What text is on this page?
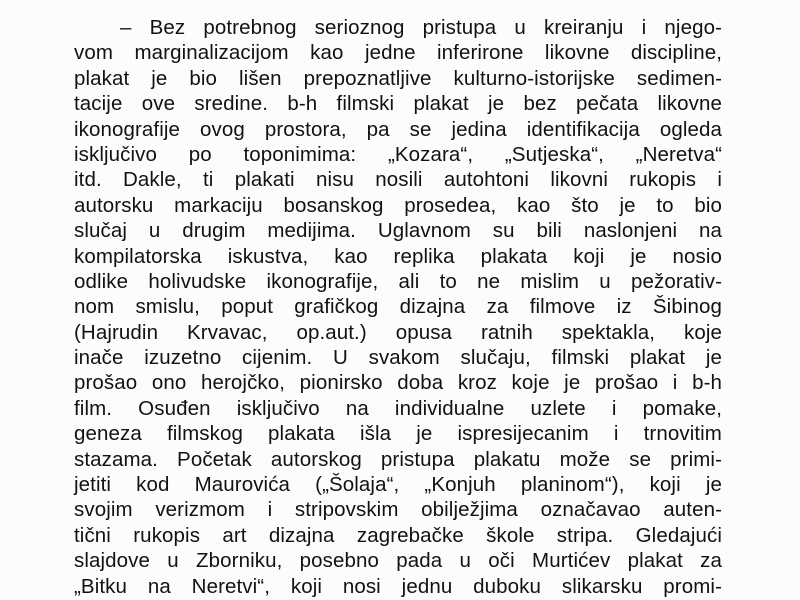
– Bez potrebnog serioznog pristupa u kreiranju i njego-
vom marginalizacijom kao jedne inferirone likovne discipline,
plakat je bio lišen prepoznatljive kulturno-istorijske sedimen-
tacije ove sredine. b-h filmski plakat je bez pečata likovne
ikonografije ovog prostora, pa se jedina identifikacija ogleda
isključivo po toponimima: „Kozara“, „Sutjeska“, „Neretva“
itd. Dakle, ti plakati nisu nosili autohtoni likovni rukopis i
autorsku markaciju bosanskog prosedea, kao što je to bio
slučaj u drugim medijima. Uglavnom su bili naslonjeni na
kompilatorska iskustva, kao replika plakata koji je nosio
odlike holivudske ikonografije, ali to ne mislim u pežorativ-
nom smislu, poput grafičkog dizajna za filmove iz Šibinog
(Hajrudin Krvavac, op.aut.) opusa ratnih spektakla, koje
inače izuzetno cijenim. U svakom slučaju, filmski plakat je
prošao ono herojčko, pionirsko doba kroz koje je prošao i b-h
film. Osuđen isključivo na individualne uzlete i pomake,
geneza filmskog plakata išla je ispresijecanim i trnovitim
stazama. Početak autorskog pristupa plakatu može se primi-
jetiti kod Maurovića („Šolaja“, „Konjuh planinom“), koji je
svojim verizmom i stripovskim obilježjima označavao auten-
tični rukopis art dizajna zagrebačke škole stripa. Gledajući
slajdove u Zborniku, posebno pada u oči Murtićev plakat za
„Bitku na Neretvi“, koji nosi jednu duboku slikarsku promi-
